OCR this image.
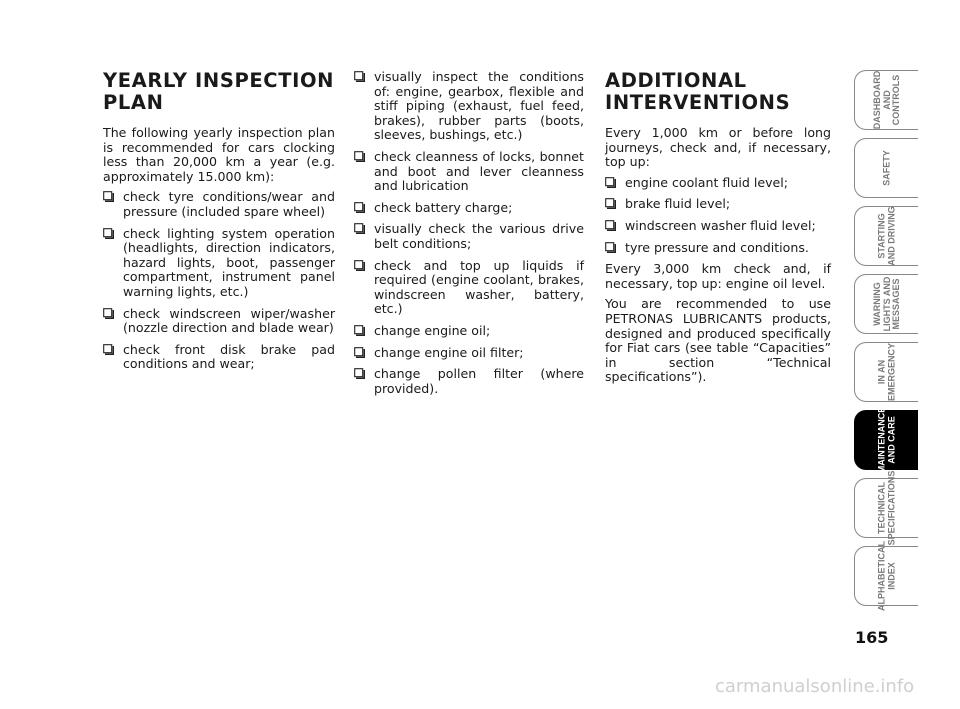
YEARLY INSPECTION
PLAN

The following yearly inspection plan is recommended for cars clocking less than 20,000 km a year (e.g. approximately 15.000 km):

check tyre conditions/wear and pressure (included spare wheel)
check lighting system operation (headlights, direction indicators, hazard lights, boot, passenger compartment, instrument panel warning lights, etc.)
check windscreen wiper/washer (nozzle direction and blade wear)
check front disk brake pad conditions and wear;
visually inspect the conditions of: engine, gearbox, flexible and stiff piping (exhaust, fuel feed, brakes), rubber parts (boots, sleeves, bushings, etc.)
check cleanness of locks, bonnet and boot and lever cleanness and lubrication
check battery charge;
visually check the various drive belt conditions;
check and top up liquids if required (engine coolant, brakes, windscreen washer, battery, etc.)
change engine oil;
change engine oil filter;
change pollen filter (where provided).
ADDITIONAL
INTERVENTIONS

Every 1,000 km or before long journeys, check and, if necessary, top up:

engine coolant fluid level;
brake fluid level;
windscreen washer fluid level;
tyre pressure and conditions.

Every 3,000 km check and, if necessary, top up: engine oil level.

You are recommended to use PETRONAS LUBRICANTS products, designed and produced specifically for Fiat cars (see table “Capacities” in section “Technical specifications”).

DASHBOARD
AND
CONTROLS
SAFETY
STARTING
AND DRIVING
WARNING
LIGHTS AND
MESSAGES
IN AN
EMERGENCY
MAINTENANCE
AND CARE
TECHNICAL
SPECIFICATIONS
ALPHABETICAL
INDEX
165
carmanualsonline.info
